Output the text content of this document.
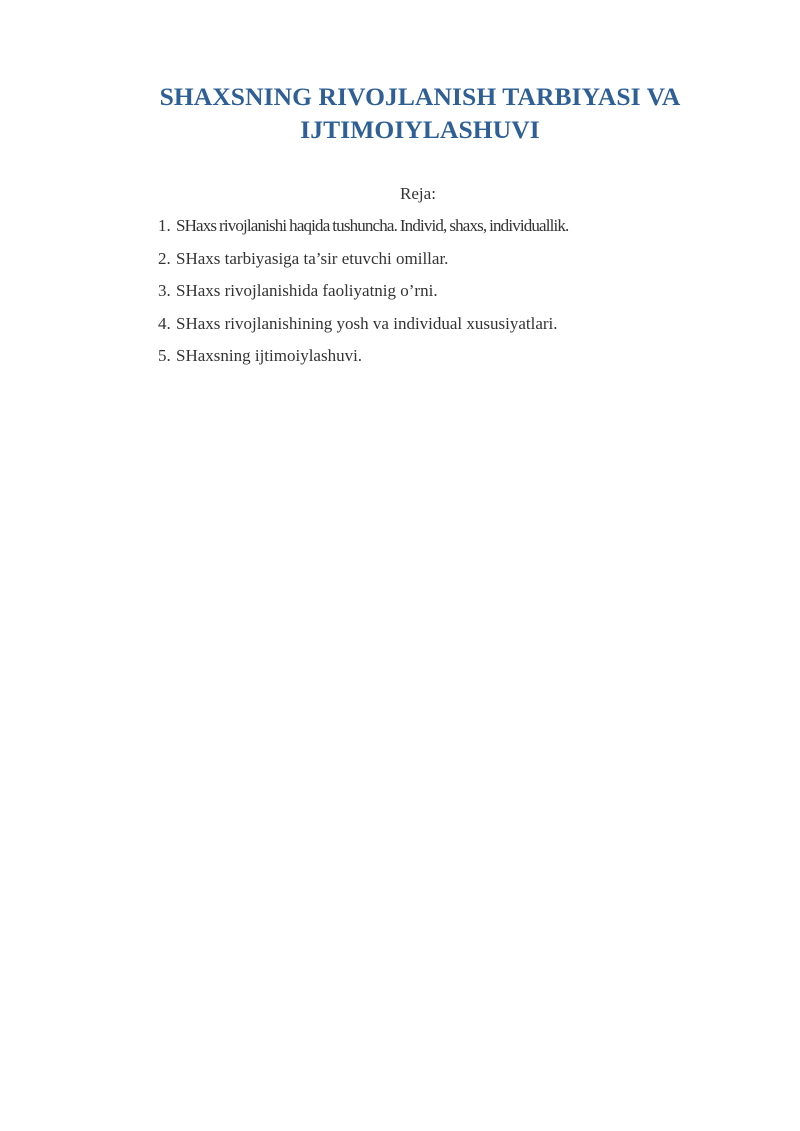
SHAXSNING RIVOJLANISH TARBIYASI VA
IJTIMOIYLASHUVI
Reja:
1. SHaxs rivojlanishi haqida tushuncha. Individ, shaxs, individuallik.
2. SHaxs tarbiyasiga ta’sir etuvchi omillar.
3. SHaxs rivojlanishida faoliyatnig o’rni.
4. SHaxs rivojlanishining yosh va individual xususiyatlari.
5. SHaxsning ijtimoiylashuvi.
